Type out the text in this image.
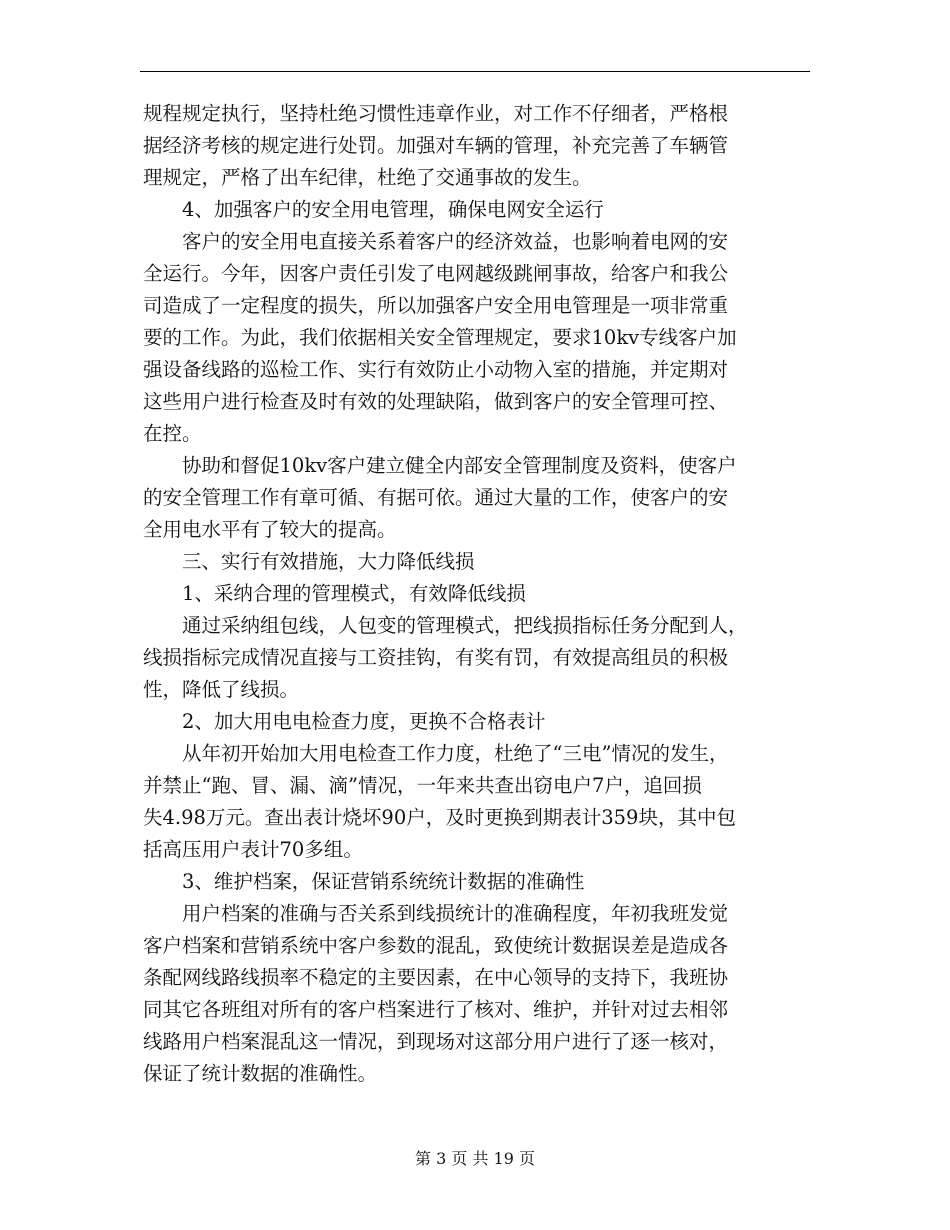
规程规定执行，坚持杜绝习惯性违章作业，对工作不仔细者，严格根
据经济考核的规定进行处罚。加强对车辆的管理，补充完善了车辆管
理规定，严格了出车纪律，杜绝了交通事故的发生。
　　4、加强客户的安全用电管理，确保电网安全运行
　　客户的安全用电直接关系着客户的经济效益，也影响着电网的安
全运行。今年，因客户责任引发了电网越级跳闸事故，给客户和我公
司造成了一定程度的损失，所以加强客户安全用电管理是一项非常重
要的工作。为此，我们依据相关安全管理规定，要求10kv专线客户加
强设备线路的巡检工作、实行有效防止小动物入室的措施，并定期对
这些用户进行检查及时有效的处理缺陷，做到客户的安全管理可控、
在控。
　　协助和督促10kv客户建立健全内部安全管理制度及资料，使客户
的安全管理工作有章可循、有据可依。通过大量的工作，使客户的安
全用电水平有了较大的提高。
　　三、实行有效措施，大力降低线损
　　1、采纳合理的管理模式，有效降低线损
　　通过采纳组包线，人包变的管理模式，把线损指标任务分配到人，
线损指标完成情况直接与工资挂钩，有奖有罚，有效提高组员的积极
性，降低了线损。
　　2、加大用电电检查力度，更换不合格表计
　　从年初开始加大用电检查工作力度，杜绝了“三电”情况的发生，
并禁止“跑、冒、漏、滴”情况，一年来共查出窃电户7户，追回损
失4.98万元。查出表计烧坏90户，及时更换到期表计359块，其中包
括高压用户表计70多组。
　　3、维护档案，保证营销系统统计数据的准确性
　　用户档案的准确与否关系到线损统计的准确程度，年初我班发觉
客户档案和营销系统中客户参数的混乱，致使统计数据误差是造成各
条配网线路线损率不稳定的主要因素，在中心领导的支持下，我班协
同其它各班组对所有的客户档案进行了核对、维护，并针对过去相邻
线路用户档案混乱这一情况，到现场对这部分用户进行了逐一核对，
保证了统计数据的准确性。
第 3 页 共 19 页
